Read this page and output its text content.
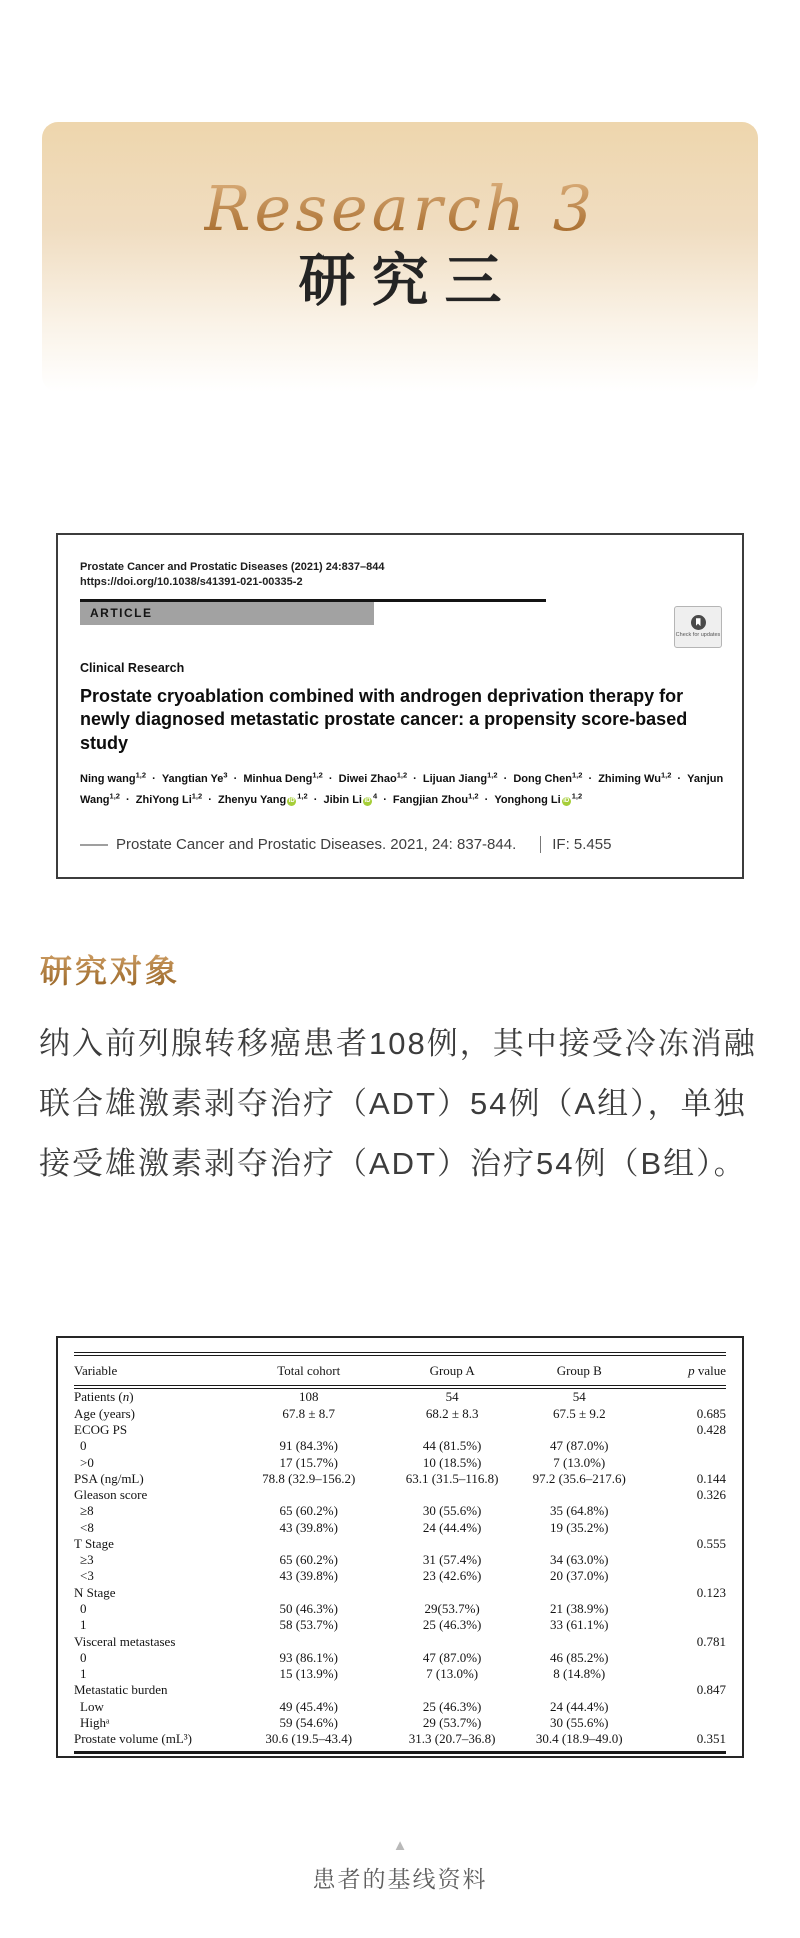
Research 3
研究三
Prostate Cancer and Prostatic Diseases (2021) 24:837–844
https://doi.org/10.1038/s41391-021-00335-2
ARTICLE
Check for updates
Clinical Research
Prostate cryoablation combined with androgen deprivation therapy for newly diagnosed metastatic prostate cancer: a propensity score-based study
Ning wang$^{1,2}$ · Yangtian $Ye^3$ · Minhua Deng$^{1,2}$ · Diwei Zhao$^{1,2}$ · Lijuan Jiang$^{1,2}$ · Dong Chen$^{1,2}$ · Zhiming Wu$^{1,2}$ · Yanjun Wang$^{1,2}$ · ZhiYong Li$^{1,2}$ · Zhenyu Yang iD$^{1,2}$ · Jibin Li $iD^4$ · Fangjian Zhou$^{1,2}$ · Yonghong Li iD$^{1,2}$
—— Prostate Cancer and Prostatic Diseases. 2021, 24: 837-844.	IF: 5.455
研究对象
纳入前列腺转移癌患者108例，其中接受冷冻消融联合雄激素剥夺治疗（ADT）54例（A组），单独接受雄激素剥夺治疗（ADT）治疗54例（B组）。
Variable	Total cohort	Group A	Group B	p value
Patients (n)	108	54	54	
Age (years)	67.8 ± 8.7	68.2 ± 8.3	67.5 ± 9.2	0.685
ECOG PS				0.428
0	91 (84.3%)	44 (81.5%)	47 (87.0%)	
>0	17 (15.7%)	10 (18.5%)	7 (13.0%)	
PSA (ng/mL)	78.8 (32.9–156.2)	63.1 (31.5–116.8)	97.2 (35.6–217.6)	0.144
Gleason score				0.326
≥8	65 (60.2%)	30 (55.6%)	35 (64.8%)	
<8	43 (39.8%)	24 (44.4%)	19 (35.2%)	
T Stage				0.555
≥3	65 (60.2%)	31 (57.4%)	34 (63.0%)	
<3	43 (39.8%)	23 (42.6%)	20 (37.0%)	
N Stage				0.123
0	50 (46.3%)	29(53.7%)	21 (38.9%)	
1	58 (53.7%)	25 (46.3%)	33 (61.1%)	
Visceral metastases				0.781
0	93 (86.1%)	47 (87.0%)	46 (85.2%)	
1	15 (13.9%)	7 (13.0%)	8 (14.8%)	
Metastatic burden				0.847
Low	49 (45.4%)	25 (46.3%)	24 (44.4%)	
Highᵃ	59 (54.6%)	29 (53.7%)	30 (55.6%)	
Prostate volume (mL³)	30.6 (19.5–43.4)	31.3 (20.7–36.8)	30.4 (18.9–49.0)	0.351
▲
患者的基线资料
